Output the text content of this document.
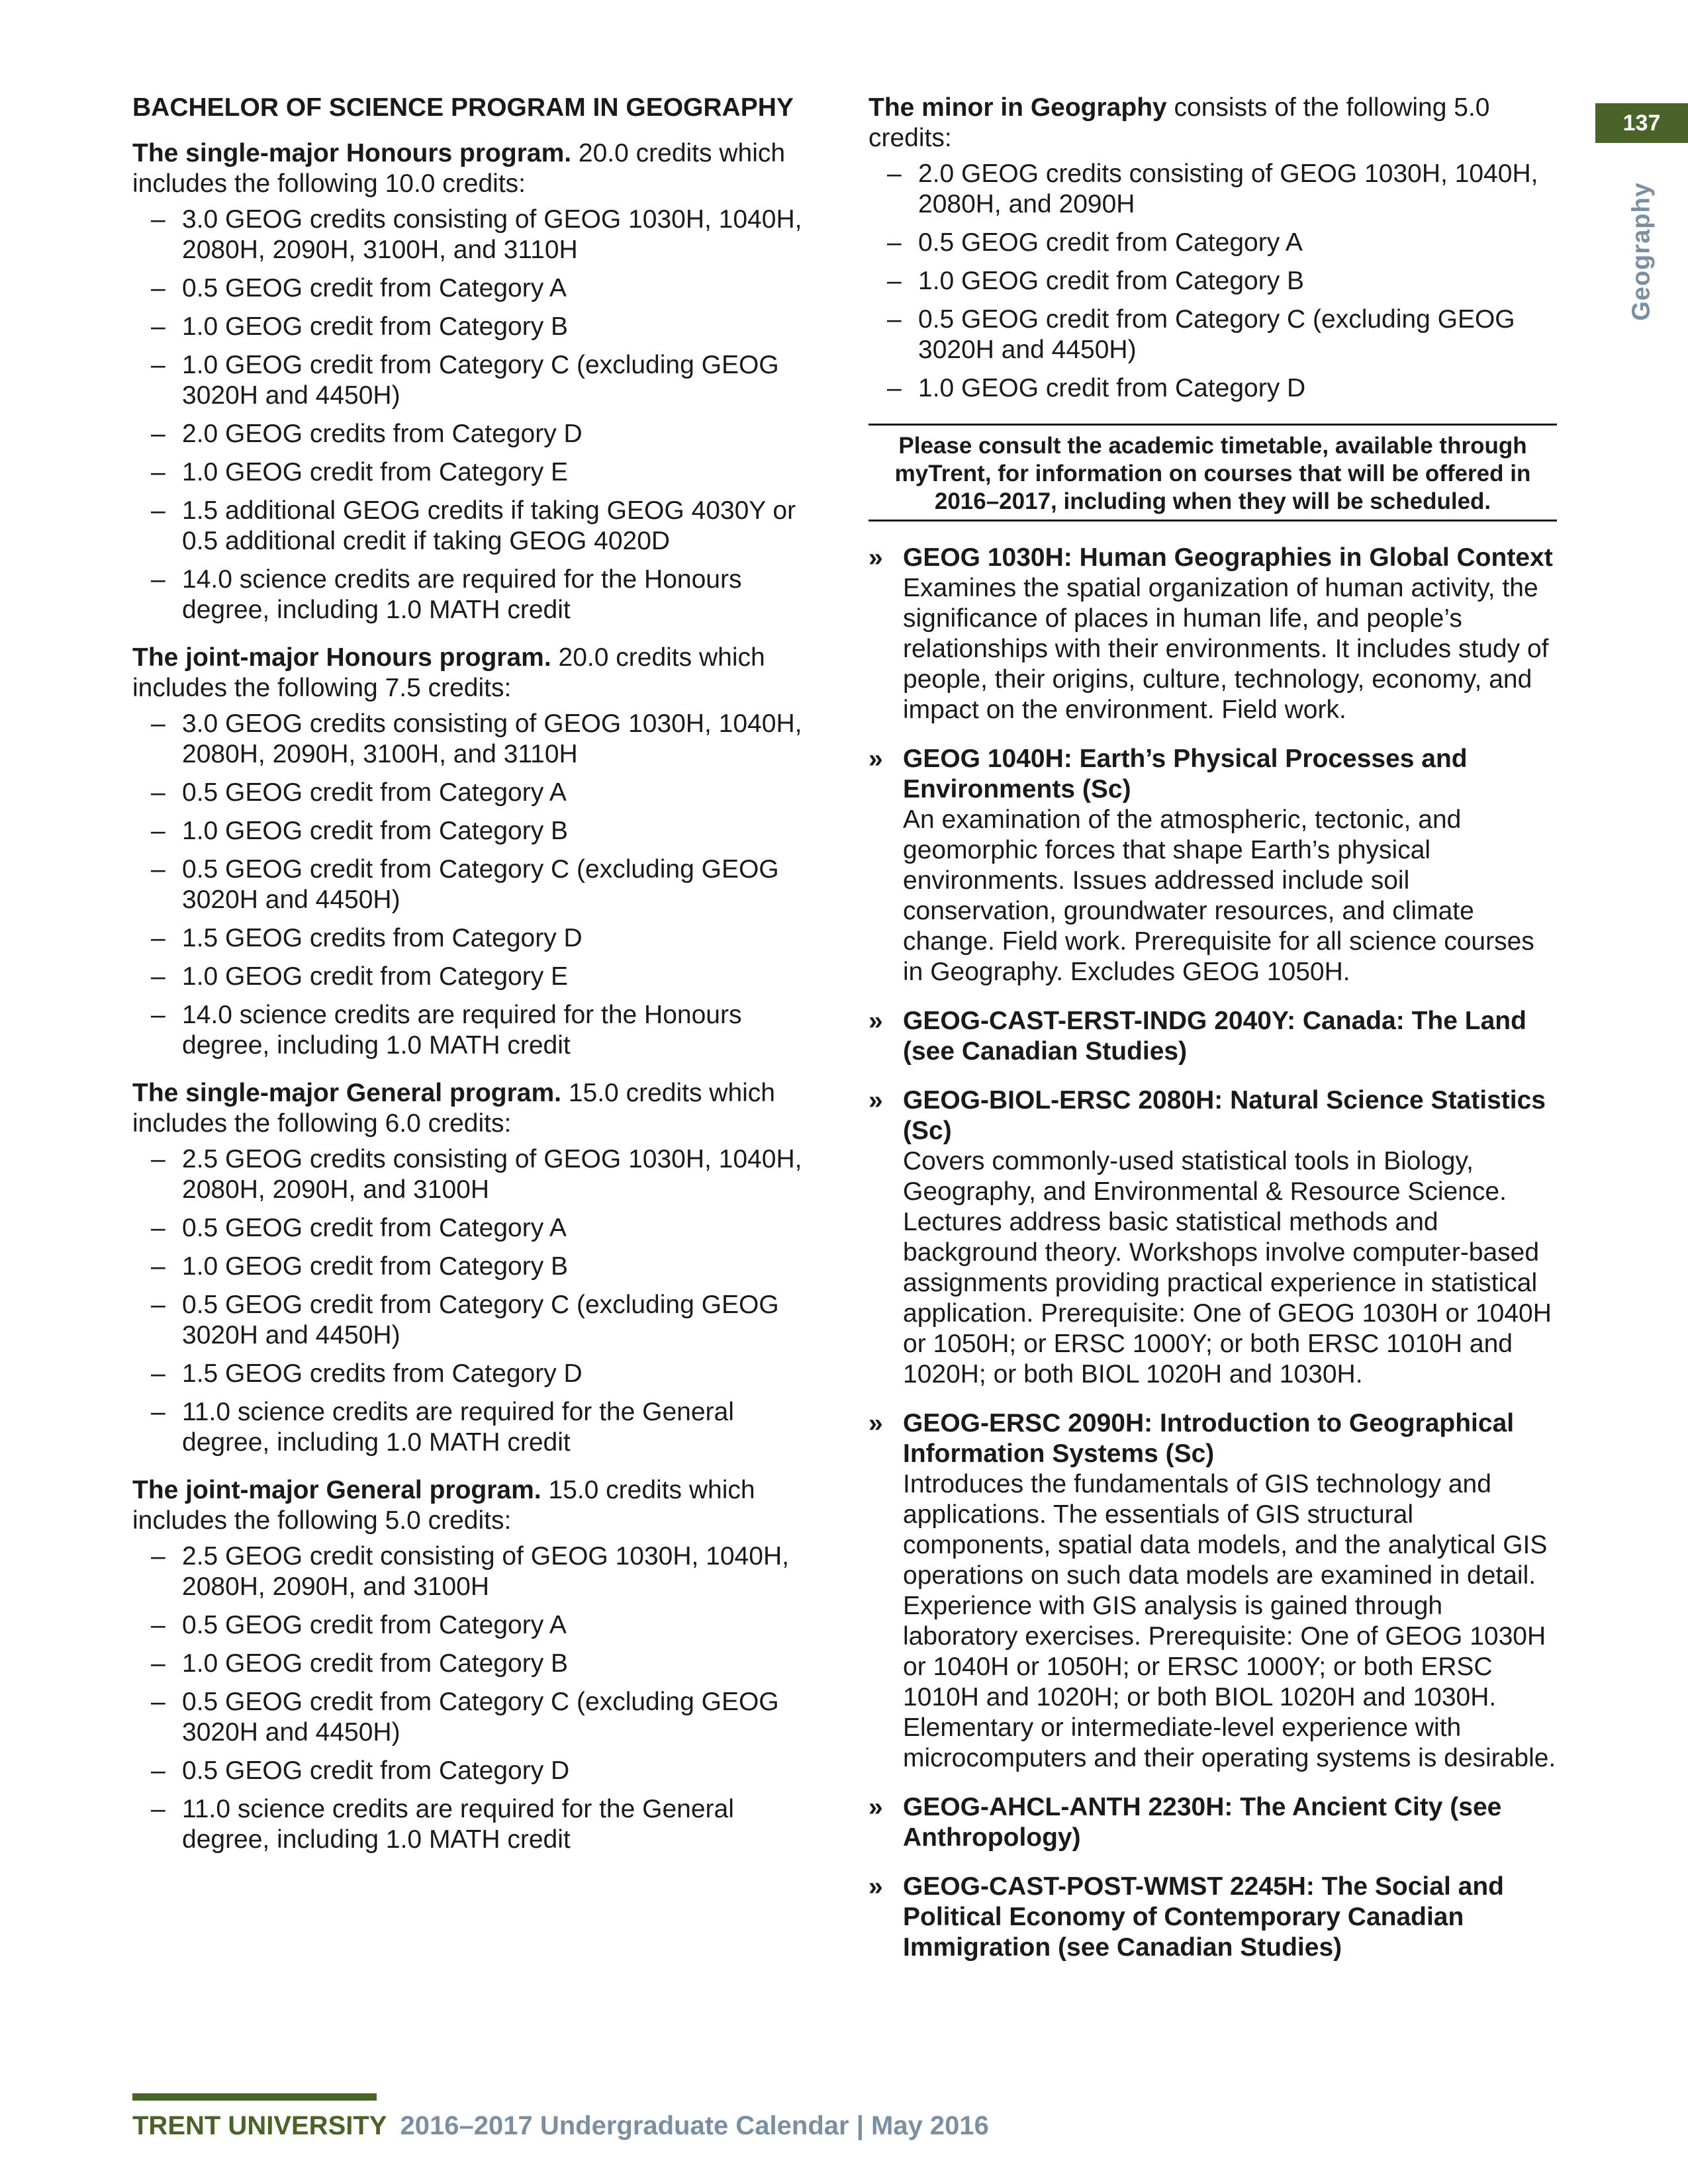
BACHELOR OF SCIENCE PROGRAM IN GEOGRAPHY

The single-major Honours program. 20.0 credits which includes the following 10.0 credits:

– 3.0 GEOG credits consisting of GEOG 1030H, 1040H, 2080H, 2090H, 3100H, and 3110H
– 0.5 GEOG credit from Category A
– 1.0 GEOG credit from Category B
– 1.0 GEOG credit from Category C (excluding GEOG 3020H and 4450H)
– 2.0 GEOG credits from Category D
– 1.0 GEOG credit from Category E
– 1.5 additional GEOG credits if taking GEOG 4030Y or 0.5 additional credit if taking GEOG 4020D
– 14.0 science credits are required for the Honours degree, including 1.0 MATH credit

The joint-major Honours program. 20.0 credits which includes the following 7.5 credits:

– 3.0 GEOG credits consisting of GEOG 1030H, 1040H, 2080H, 2090H, 3100H, and 3110H
– 0.5 GEOG credit from Category A
– 1.0 GEOG credit from Category B
– 0.5 GEOG credit from Category C (excluding GEOG 3020H and 4450H)
– 1.5 GEOG credits from Category D
– 1.0 GEOG credit from Category E
– 14.0 science credits are required for the Honours degree, including 1.0 MATH credit

The single-major General program. 15.0 credits which includes the following 6.0 credits:

– 2.5 GEOG credits consisting of GEOG 1030H, 1040H, 2080H, 2090H, and 3100H
– 0.5 GEOG credit from Category A
– 1.0 GEOG credit from Category B
– 0.5 GEOG credit from Category C (excluding GEOG 3020H and 4450H)
– 1.5 GEOG credits from Category D
– 11.0 science credits are required for the General degree, including 1.0 MATH credit

The joint-major General program. 15.0 credits which includes the following 5.0 credits:

– 2.5 GEOG credit consisting of GEOG 1030H, 1040H, 2080H, 2090H, and 3100H
– 0.5 GEOG credit from Category A
– 1.0 GEOG credit from Category B
– 0.5 GEOG credit from Category C (excluding GEOG 3020H and 4450H)
– 0.5 GEOG credit from Category D
– 11.0 science credits are required for the General degree, including 1.0 MATH credit

The minor in Geography consists of the following 5.0 credits:

– 2.0 GEOG credits consisting of GEOG 1030H, 1040H, 2080H, and 2090H
– 0.5 GEOG credit from Category A
– 1.0 GEOG credit from Category B
– 0.5 GEOG credit from Category C (excluding GEOG 3020H and 4450H)
– 1.0 GEOG credit from Category D
Please consult the academic timetable, available through myTrent, for information on courses that will be offered in 2016–2017, including when they will be scheduled.
» GEOG 1030H: Human Geographies in Global Context

Examines the spatial organization of human activity, the significance of places in human life, and people’s relationships with their environments. It includes study of people, their origins, culture, technology, economy, and impact on the environment. Field work.

» GEOG 1040H: Earth’s Physical Processes and Environments (Sc)

An examination of the atmospheric, tectonic, and geomorphic forces that shape Earth’s physical environments. Issues addressed include soil conservation, groundwater resources, and climate change. Field work. Prerequisite for all science courses in Geography. Excludes GEOG 1050H.

» GEOG-CAST-ERST-INDG 2040Y: Canada: The Land (see Canadian Studies)
» GEOG-BIOL-ERSC 2080H: Natural Science Statistics (Sc)

Covers commonly-used statistical tools in Biology, Geography, and Environmental & Resource Science. Lectures address basic statistical methods and background theory. Workshops involve computer-based assignments providing practical experience in statistical application. Prerequisite: One of GEOG 1030H or 1040H or 1050H; or ERSC 1000Y; or both ERSC 1010H and 1020H; or both BIOL 1020H and 1030H.

» GEOG-ERSC 2090H: Introduction to Geographical Information Systems (Sc)

Introduces the fundamentals of GIS technology and applications. The essentials of GIS structural components, spatial data models, and the analytical GIS operations on such data models are examined in detail. Experience with GIS analysis is gained through laboratory exercises. Prerequisite: One of GEOG 1030H or 1040H or 1050H; or ERSC 1000Y; or both ERSC 1010H and 1020H; or both BIOL 1020H and 1030H. Elementary or intermediate-level experience with microcomputers and their operating systems is desirable.

» GEOG-AHCL-ANTH 2230H: The Ancient City (see Anthropology)
» GEOG-CAST-POST-WMST 2245H: The Social and Political Economy of Contemporary Canadian Immigration (see Canadian Studies)
137
Geography
TRENT UNIVERSITY 2016–2017 Undergraduate Calendar | May 2016
